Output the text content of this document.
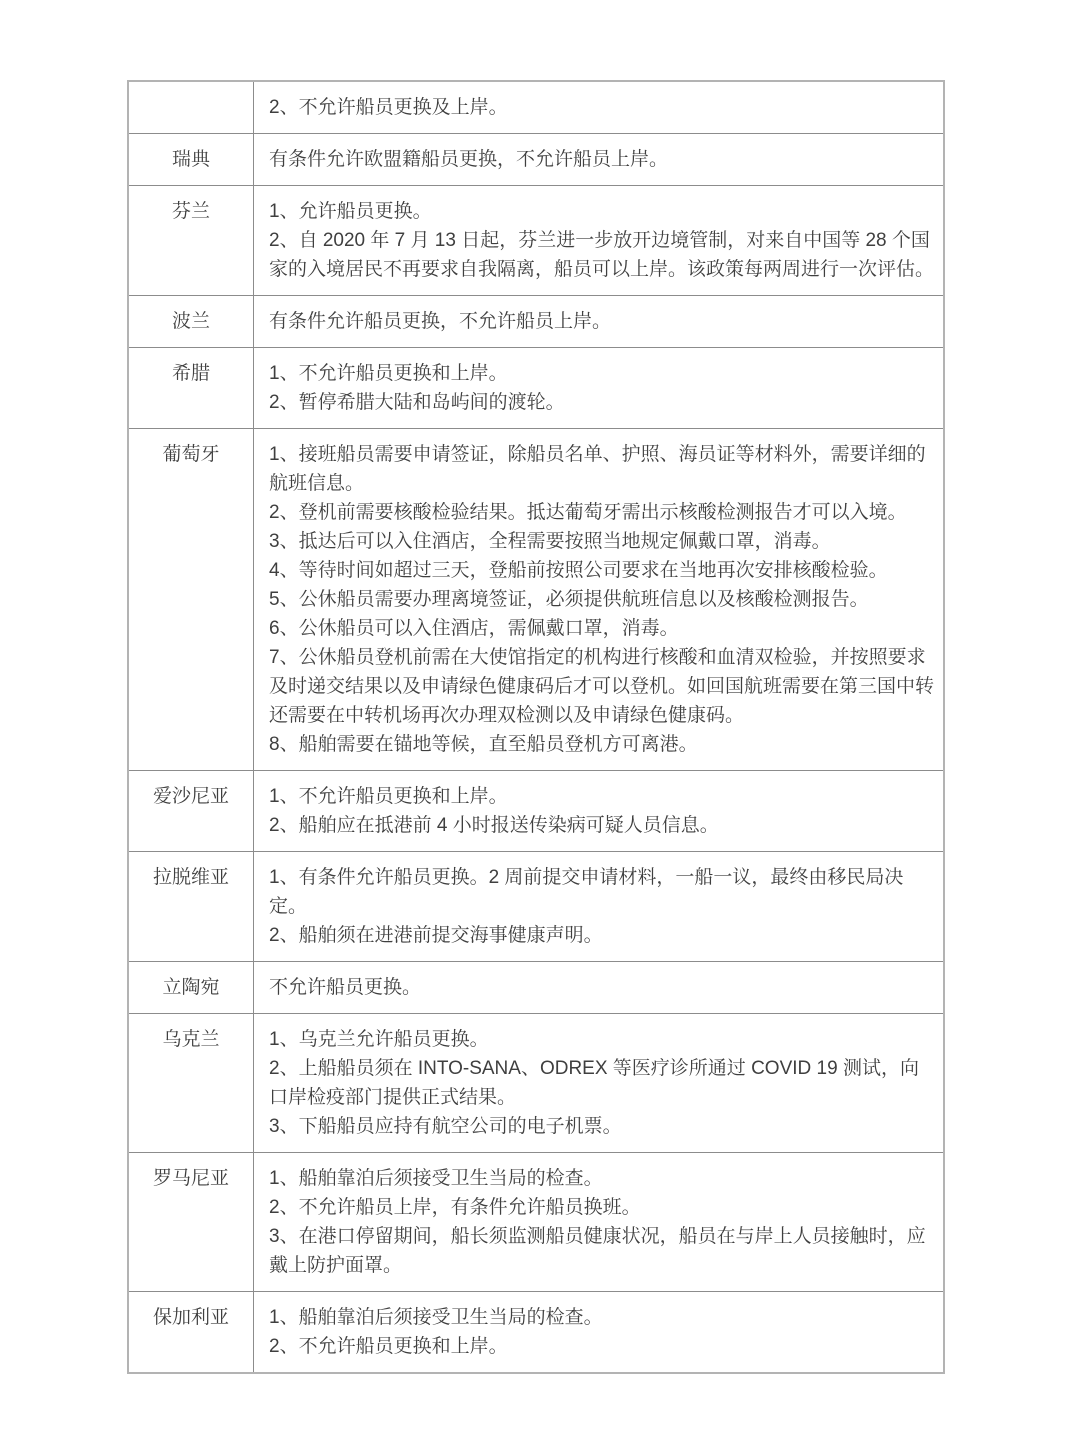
	2、不允许船员更换及上岸。

瑞典	有条件允许欧盟籍船员更换，不允许船员上岸。

芬兰	1、允许船员更换。
2、自 2020 年 7 月 13 日起，芬兰进一步放开边境管制，对来自中国等 28 个国家的入境居民不再要求自我隔离，船员可以上岸。该政策每两周进行一次评估。

波兰	有条件允许船员更换，不允许船员上岸。

希腊	1、不允许船员更换和上岸。
2、暂停希腊大陆和岛屿间的渡轮。

葡萄牙	1、接班船员需要申请签证，除船员名单、护照、海员证等材料外，需要详细的航班信息。
2、登机前需要核酸检验结果。抵达葡萄牙需出示核酸检测报告才可以入境。
3、抵达后可以入住酒店，全程需要按照当地规定佩戴口罩，消毒。
4、等待时间如超过三天，登船前按照公司要求在当地再次安排核酸检验。
5、公休船员需要办理离境签证，必须提供航班信息以及核酸检测报告。
6、公休船员可以入住酒店，需佩戴口罩，消毒。
7、公休船员登机前需在大使馆指定的机构进行核酸和血清双检验，并按照要求及时递交结果以及申请绿色健康码后才可以登机。如回国航班需要在第三国中转还需要在中转机场再次办理双检测以及申请绿色健康码。
8、船舶需要在锚地等候，直至船员登机方可离港。

爱沙尼亚	1、不允许船员更换和上岸。
2、船舶应在抵港前 4 小时报送传染病可疑人员信息。

拉脱维亚	1、有条件允许船员更换。2 周前提交申请材料，一船一议，最终由移民局决定。
2、船舶须在进港前提交海事健康声明。

立陶宛	不允许船员更换。

乌克兰	1、乌克兰允许船员更换。
2、上船船员须在 INTO-SANA、ODREX 等医疗诊所通过 COVID 19 测试，向口岸检疫部门提供正式结果。
3、下船船员应持有航空公司的电子机票。

罗马尼亚	1、船舶靠泊后须接受卫生当局的检查。
2、不允许船员上岸，有条件允许船员换班。
3、在港口停留期间，船长须监测船员健康状况，船员在与岸上人员接触时，应戴上防护面罩。

保加利亚	1、船舶靠泊后须接受卫生当局的检查。
2、不允许船员更换和上岸。
